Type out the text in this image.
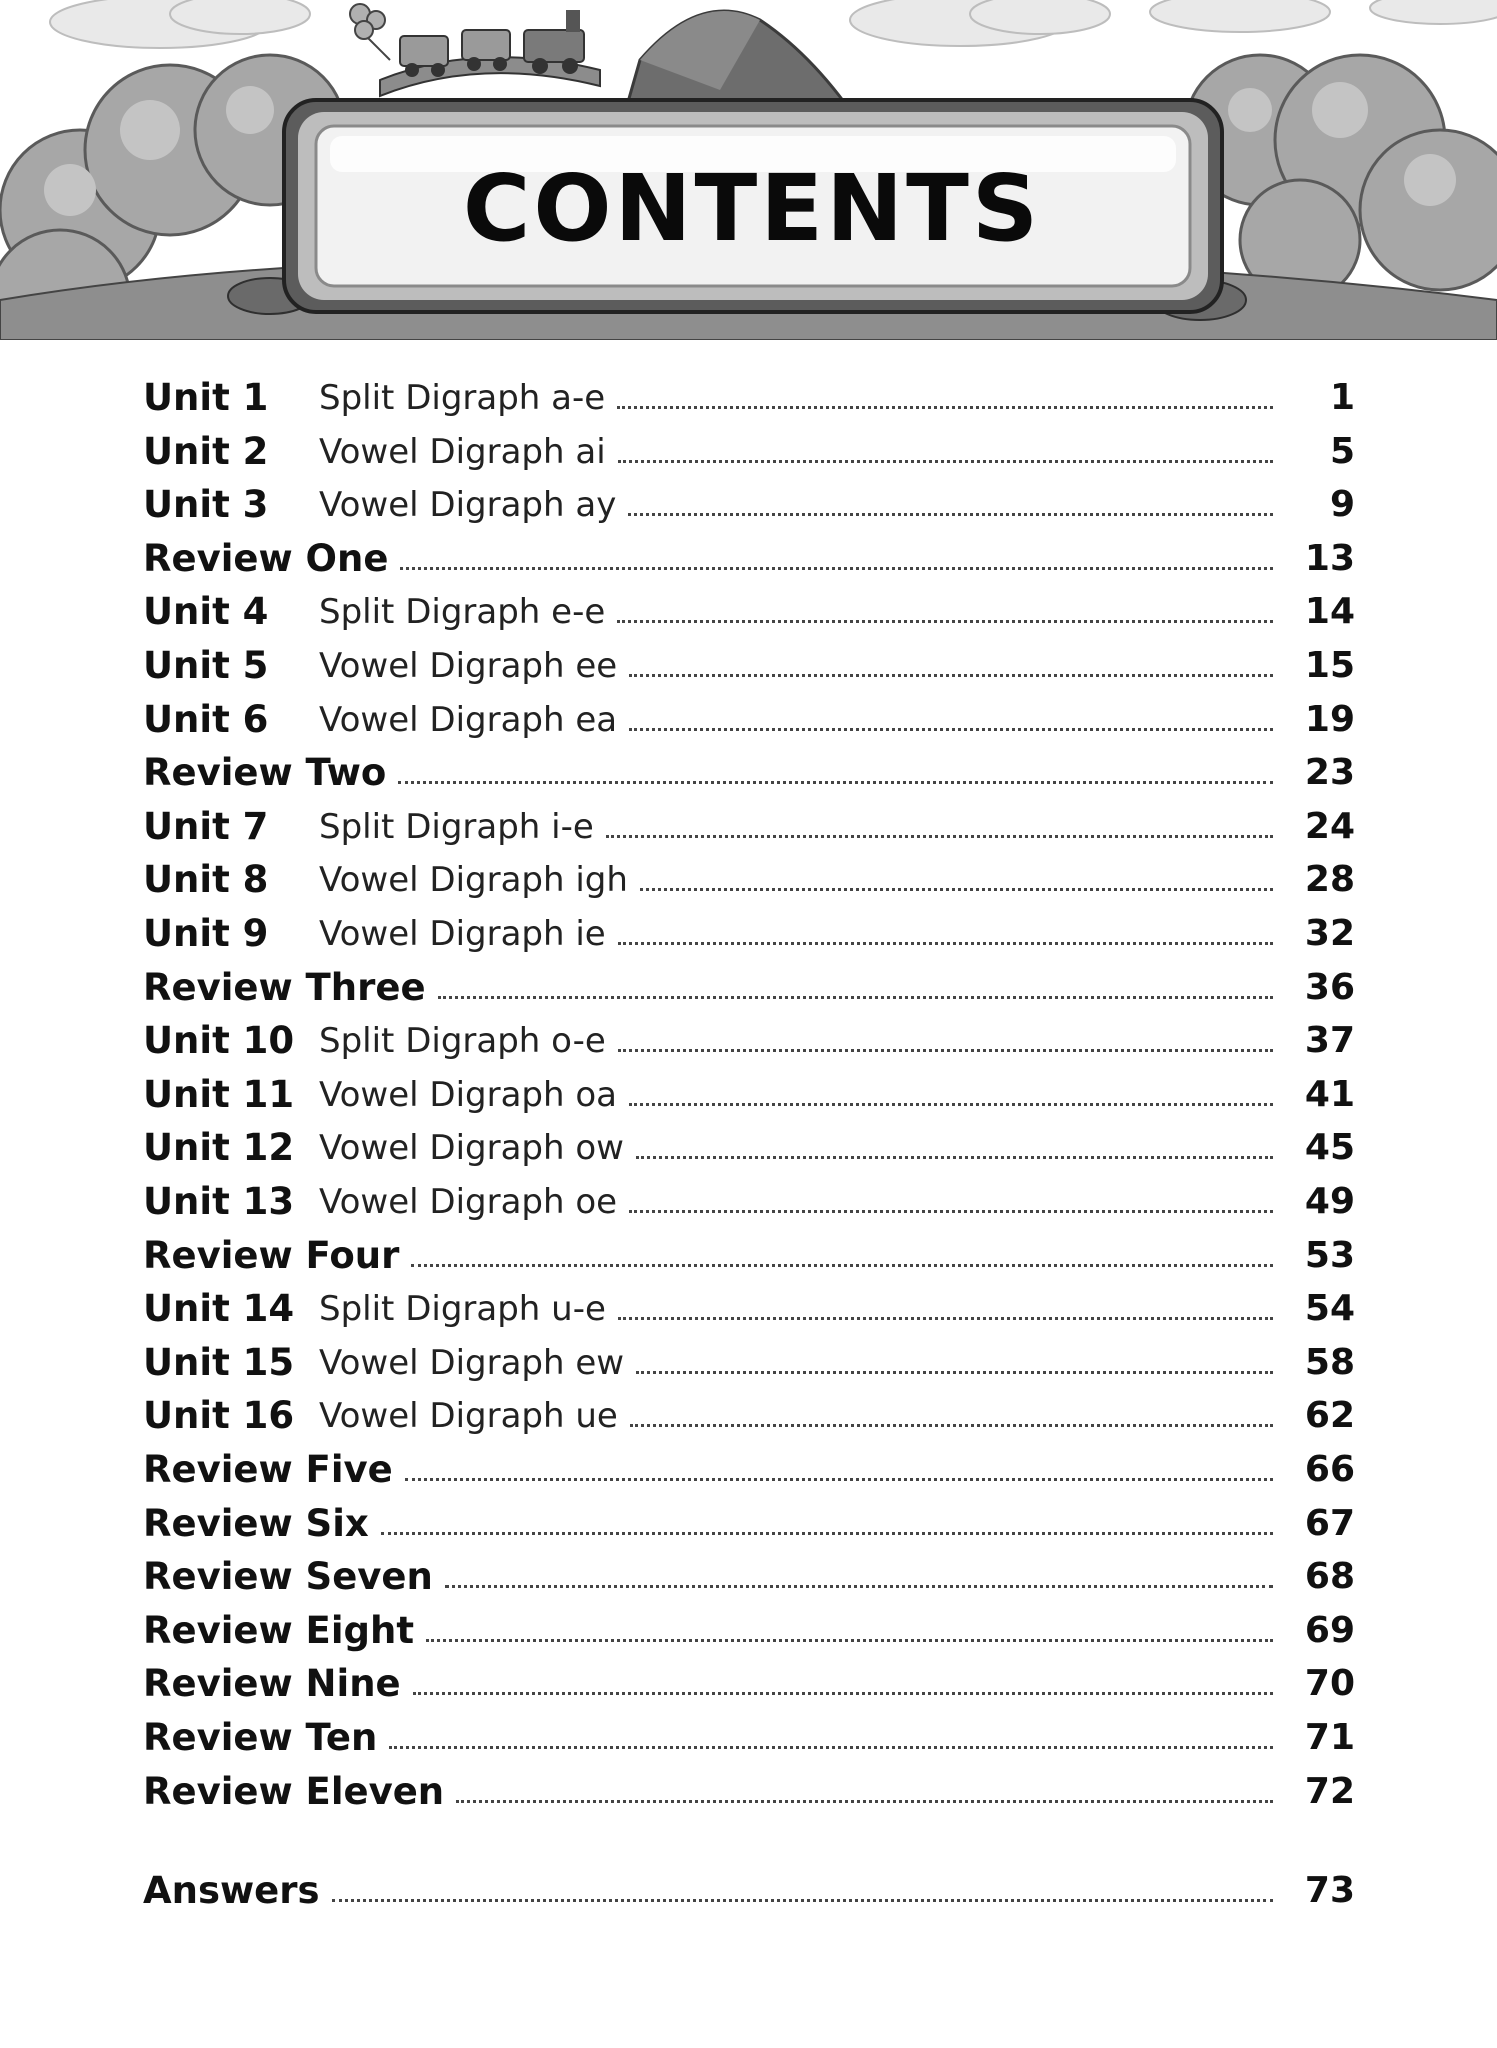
CONTENTS
Unit 1	Split Digraph a-e	1
Unit 2	Vowel Digraph ai	5
Unit 3	Vowel Digraph ay	9
Review One	13
Unit 4	Split Digraph e-e	14
Unit 5	Vowel Digraph ee	15
Unit 6	Vowel Digraph ea	19
Review Two	23
Unit 7	Split Digraph i-e	24
Unit 8	Vowel Digraph igh	28
Unit 9	Vowel Digraph ie	32
Review Three	36
Unit 10 Split Digraph o-e	37
Unit 11 Vowel Digraph oa	41
Unit 12 Vowel Digraph ow	45
Unit 13 Vowel Digraph oe	49
Review Four	53
Unit 14 Split Digraph u-e	54
Unit 15 Vowel Digraph ew	58
Unit 16 Vowel Digraph ue	62
Review Five	66
Review Six	67
Review Seven	68
Review Eight	69
Review Nine	70
Review Ten	71
Review Eleven	72
Answers	73
